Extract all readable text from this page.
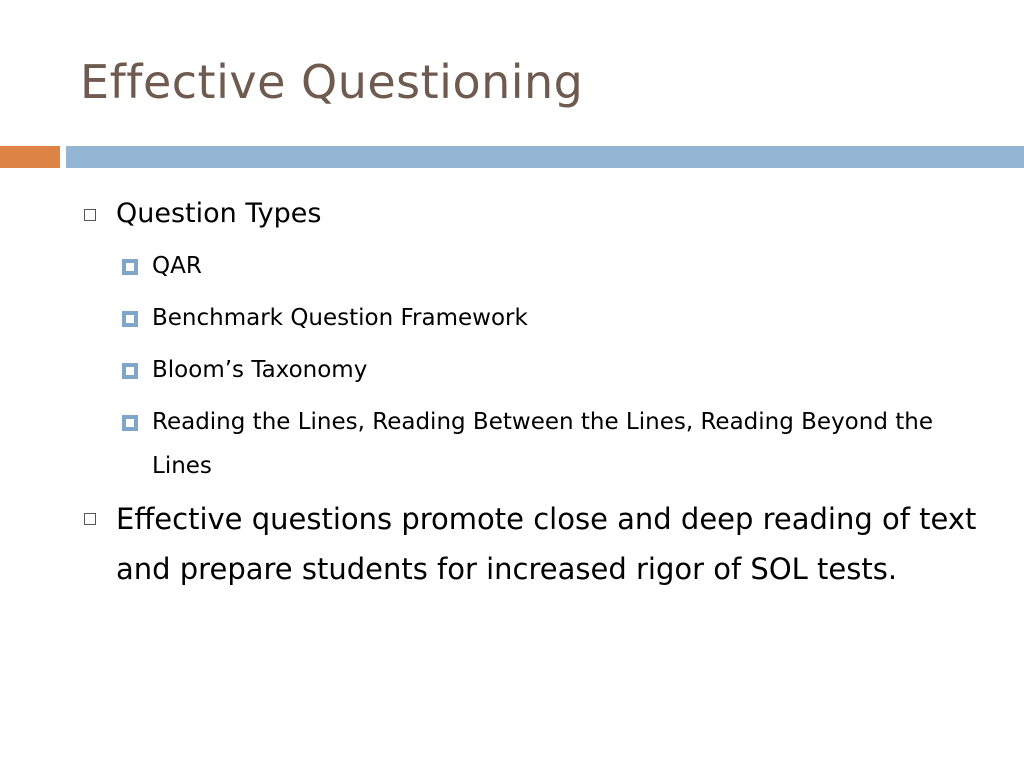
Effective Questioning
Question Types
QAR
Benchmark Question Framework
Bloom’s Taxonomy
Reading the Lines, Reading Between the Lines, Reading Beyond the Lines
Effective questions promote close and deep reading of text and prepare students for increased rigor of SOL tests.
